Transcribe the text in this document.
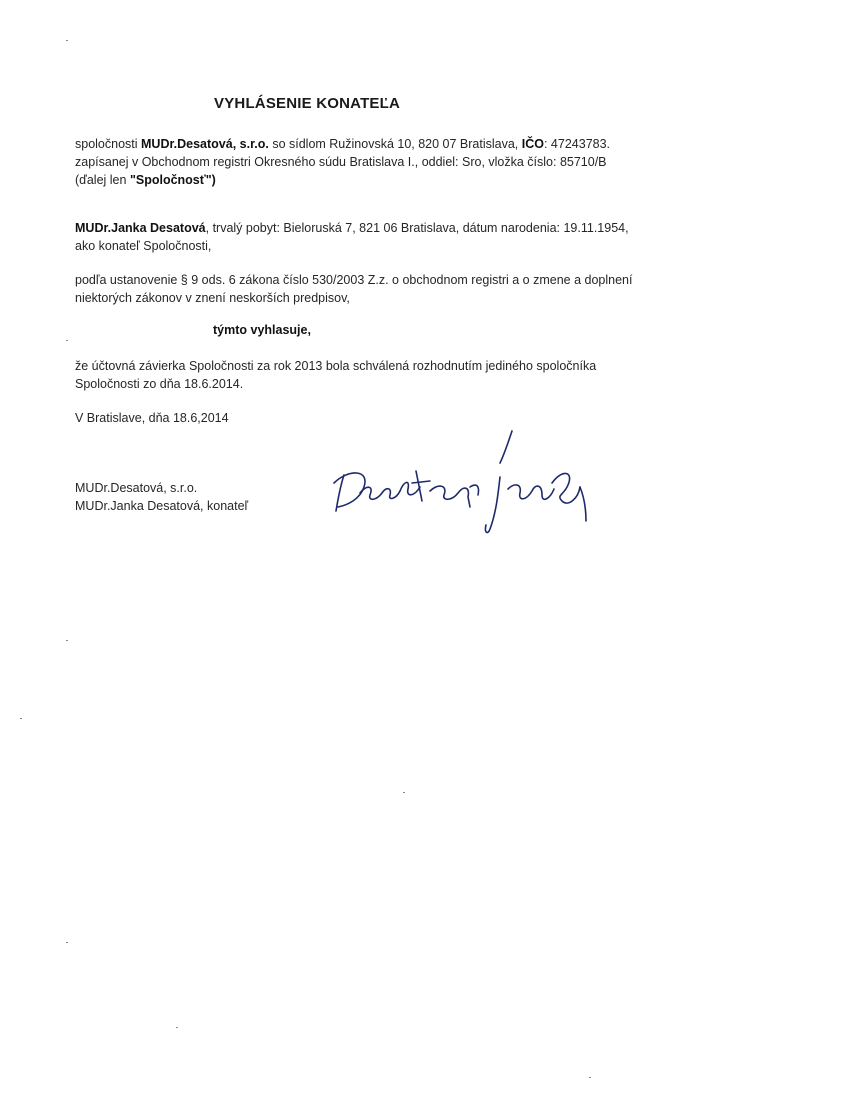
VYHLÁSENIE KONATEĽA
spoločnosti MUDr.Desatová, s.r.o. so sídlom Ružinovská 10, 820 07 Bratislava, IČO: 47243783.
zapísanej v Obchodnom registri Okresného súdu Bratislava I., oddiel: Sro, vložka číslo: 85710/B
(ďalej len "Spoločnosť")
MUDr.Janka Desatová, trvalý pobyt: Bieloruská 7, 821 06 Bratislava, dátum narodenia: 19.11.1954,
ako konateľ Spoločnosti,
podľa ustanovenie § 9 ods. 6 zákona číslo 530/2003 Z.z. o obchodnom registri a o zmene a doplnení
niektorých zákonov v znení neskorších predpisov,
týmto vyhlasuje,
že účtovná závierka Spoločnosti za rok 2013 bola schválená rozhodnutím jediného spoločníka
Spoločnosti zo dňa 18.6.2014.
V Bratislave, dňa 18.6,2014
MUDr.Desatová, s.r.o.
MUDr.Janka Desatová, konateľ
